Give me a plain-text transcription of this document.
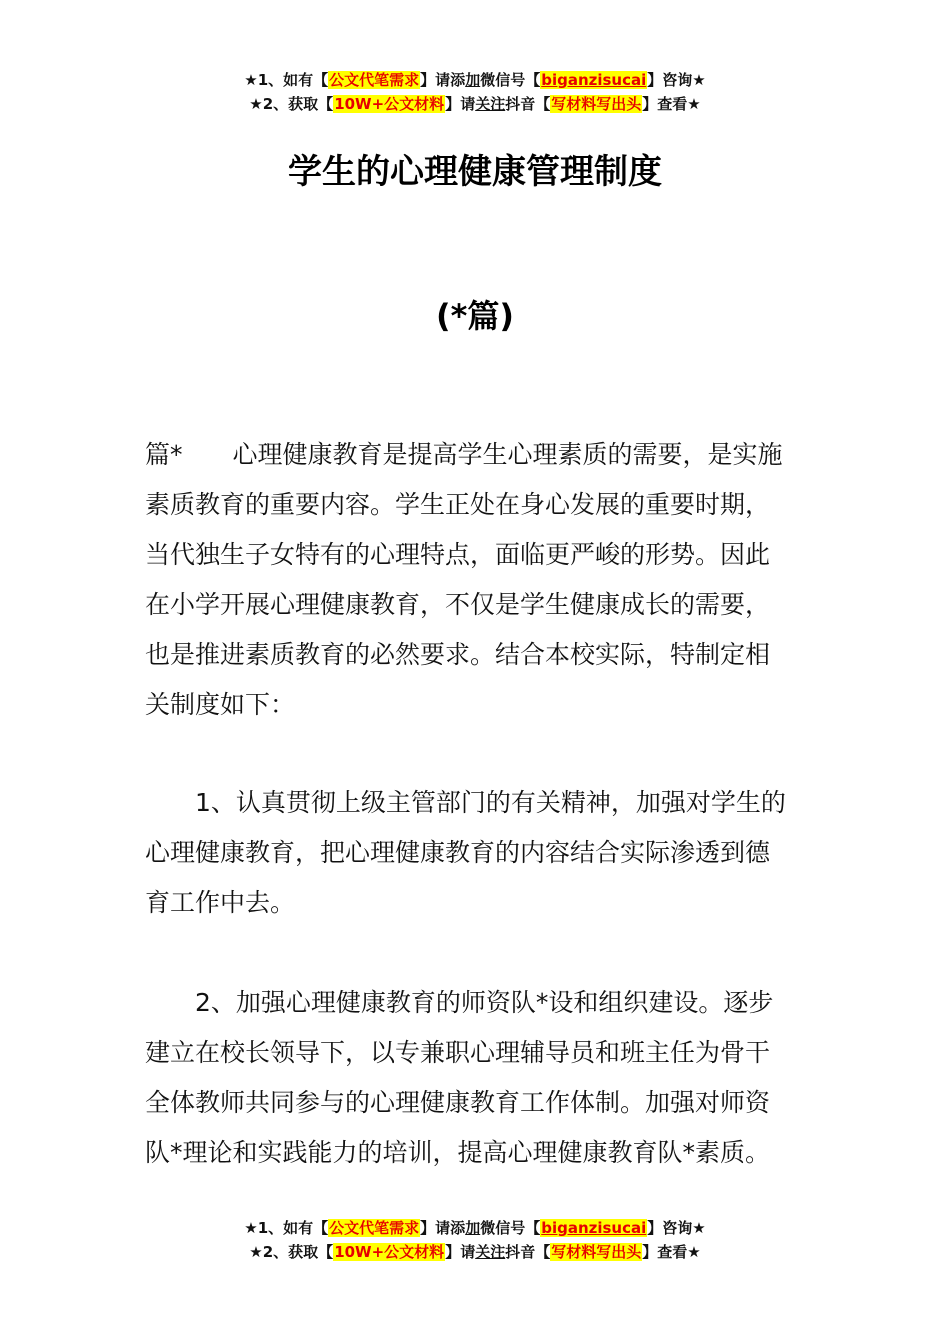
★1、如有【公文代笔需求】请添加微信号【biganzisucai】咨询★
★2、获取【10W+公文材料】请关注抖音【写材料写出头】查看★
学生的心理健康管理制度
(*篇)
篇*　　心理健康教育是提高学生心理素质的需要，是实施
素质教育的重要内容。学生正处在身心发展的重要时期，
当代独生子女特有的心理特点，面临更严峻的形势。因此
在小学开展心理健康教育，不仅是学生健康成长的需要，
也是推进素质教育的必然要求。结合本校实际，特制定相
关制度如下：
　　1、认真贯彻上级主管部门的有关精神，加强对学生的
心理健康教育，把心理健康教育的内容结合实际渗透到德
育工作中去。
　　2、加强心理健康教育的师资队*设和组织建设。逐步
建立在校长领导下，以专兼职心理辅导员和班主任为骨干
全体教师共同参与的心理健康教育工作体制。加强对师资
队*理论和实践能力的培训，提高心理健康教育队*素质。
★1、如有【公文代笔需求】请添加微信号【biganzisucai】咨询★
★2、获取【10W+公文材料】请关注抖音【写材料写出头】查看★
